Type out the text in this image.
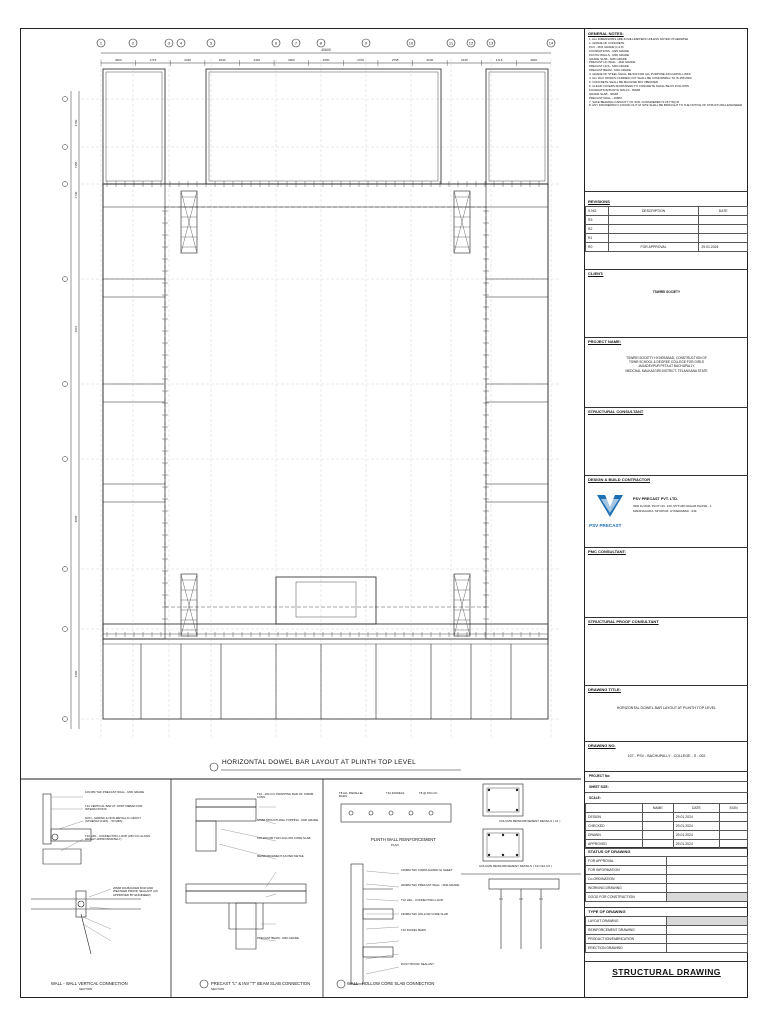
1	2	3 4	5	6	7	8	9	10	11	12	13	14
40600
4600	1715	2445	2640	4440	3200	4050	2700	2795	2640	2445	1715	4600
3760
7350
1730
3610
9585
6460
HORIZONTAL DOWEL BAR LAYOUT AT PLINTH TOP LEVEL
WALL - WALL VERTICAL CONNECTION
SECTION
100 MM THK PRECAST WALL - M30 GRADE
T12 VERTICAL BAR AT JOINT REBAR FOR INTERACTIONS
NON - SHRINK & NON-METALLIC GROUT (STRENGTH MIN. - 50 MPA)
T10 HDL - CONNECTING LOOP (250 C/C ALONG HEIGHT APPROXIMATELY)
20MM DIA BACKER ROD AND WEATHER PROOF SEALANT (AS APPROVED BY ENGINEER)
PRECAST "L" & INV "T" BEAM SLAB CONNECTION
SECTION
T10 - 150 C/C PROPPING BAR OF 700MM LONG
60MM STRUCTURAL TOPPING - M30 GRADE
150-200 MM THK HOLLOW CORE SLAB
REINFORCEMENT AS PER DETAIL
PRECAST BEAM - M40 GRADE
PLINTH WALL REINFORCEMENT
PLAN
T8 ALL PARALLEL BARS
T10 DOWELS	T8 @ 150 C/C
WALL - HOLLOW CORE SLAB CONNECTION
100MM THK CORRUGATED GI SHEET
200MM THK PRECAST WALL - M40 GRADE
T10 HDL - CONNECTING LOOP
150MM THK HOLLOW CORE SLAB
T10 DOWEL BARS
DUST PROOF SEALANT
COLUMN REINFORCEMENT DETAILS ( C1 )
COLUMN REINFORCEMENT DETAILS ( C2,C3A,C3 )
GENERAL NOTES:
1. ALL DIMENSIONS ARE IN MILLIMETERS UNLESS NOTED OTHERWISE
2. GRADE OF CONCRETE
PCC - M15 GRADE (1:4:8)
FOUNDATIONS - M25 GRADE
PLINTH WALLS - M30 GRADE
GRADE SLAB - M25 GRADE
PRECAST HC WALL - M40 GRADE
PRECAST HCS - M40 GRADE
PRECAST BEAM - M40 GRADE
3. GRADE OF STEEL SHALL BE 500 FOR ALL PURPOSE INCLUDING LINKS
4. ALL RCC WORKS CARRIED OUT SHALL BE CONFIRMING TO IS 456:2000
5. CONCRETE SHALL BE MACHINE MIX VIBRATED
6. CLEAR COVERS MAINTAINED TO CONCRETE SHALL BE AS FOLLOWS
FOUNDATION/PLINTH WALLS - 50MM
GRADE SLAB - 30MM
PRECAST WALL - 20MM
7. SAFE BEARING CAPACITY OF SOIL CONSIDERED IS 25 T/SQ.M
8. ANY DISCREPANCY FOUND OUT AT SITE SHALL BE BROUGHT TO THE NOTICE OF STRUCTURAL ENGINEER
REVISIONS
S.NO.	DESCRIPTION	DATE
R3		
R2		
R1		
R0	FOR APPROVAL	29.01.2024
CLIENT:
TSWREI SOCIETY
PROJECT NAME:
TSWREI SOCIETY HYDERABAD, CONSTRUCTION OF
TSWR SCHOOL & DEGREE COLLEGE FOR GIRLS
JAGADEVPUR PETA AT BACHUPALLY,
MEDCHAL MALKAJGIRI DISTRICT, TELANGANA STATE
STRUCTURAL CONSULTANT
DESIGN & BUILD CONTRACTOR
PSV PRECAST
PSV PRECAST PVT. LTD.
3RD FLOOR, PLOT NO. 130, MYTHRI NAGAR PHASE - 1
MADINAGUDA, MIYAPUR, HYDERABAD - 049
PMC CONSULTANT:
STRUCTURAL PROOF CONSULTANT
DRAWING TITLE:
HORIZONTAL DOWEL BAR LAYOUT AT PLINTH TOP LEVEL
DRAWING NO.
107 - PSV - BACHUPALLY - COLLEGE - S - 002
PROJECT No:
SHEET SIZE:
SCALE:
	NAME	DATE	SIGN
DESIGN		29.01.2024	
CHECKED		29.01.2024	
DRAWN		29.01.2024	
APPROVED		29.01.2024	
STATUS OF DRAWING
FOR APPROVAL	
FOR INFORMATION	
Co-ORDINATION	
WORKING DRAWING	
GOOD FOR CONSTRUCTION	
TYPE OF DRAWING
LAYOUT DRAWING	
REINFORCEMENT DRAWING	
PRODUCTION/FABRICATION	
ERECTION DRAWING	
STRUCTURAL DRAWING
